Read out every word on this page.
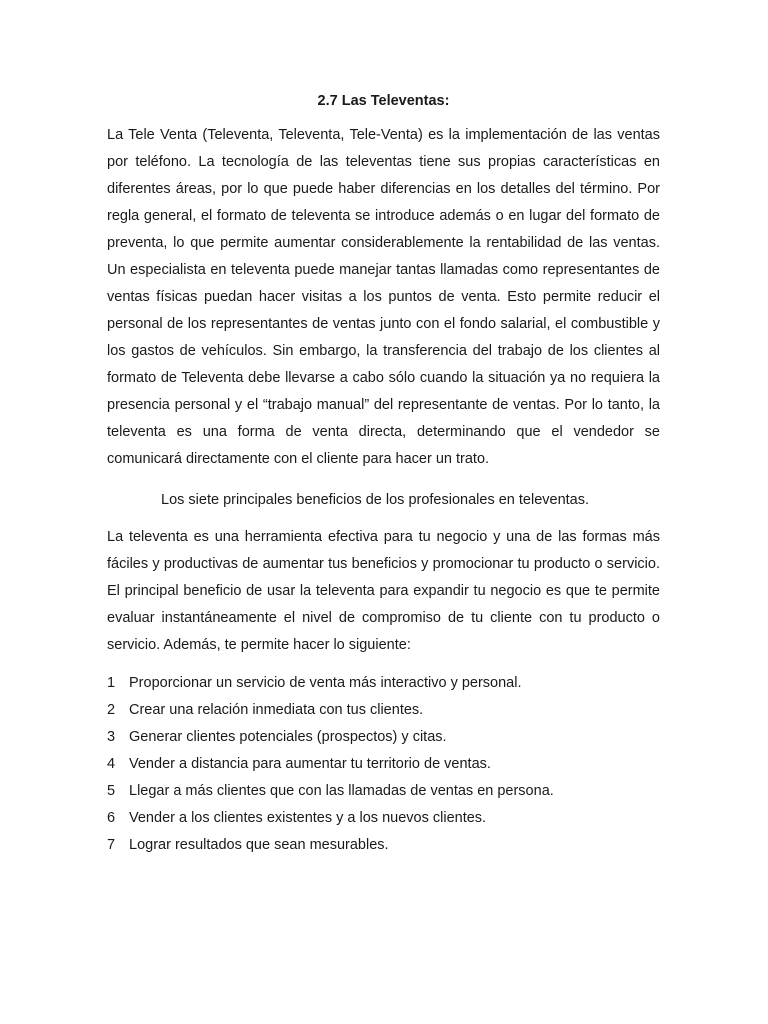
2.7 Las Televentas:

La Tele Venta (Televenta, Televenta, Tele-Venta) es la implementación de las ventas por teléfono. La tecnología de las televentas tiene sus propias características en diferentes áreas, por lo que puede haber diferencias en los detalles del término. Por regla general, el formato de televenta se introduce además o en lugar del formato de preventa, lo que permite aumentar considerablemente la rentabilidad de las ventas. Un especialista en televenta puede manejar tantas llamadas como representantes de ventas físicas puedan hacer visitas a los puntos de venta. Esto permite reducir el personal de los representantes de ventas junto con el fondo salarial, el combustible y los gastos de vehículos. Sin embargo, la transferencia del trabajo de los clientes al formato de Televenta debe llevarse a cabo sólo cuando la situación ya no requiera la presencia personal y el “trabajo manual” del representante de ventas. Por lo tanto, la televenta es una forma de venta directa, determinando que el vendedor se comunicará directamente con el cliente para hacer un trato.

Los siete principales beneficios de los profesionales en televentas.

La televenta es una herramienta efectiva para tu negocio y una de las formas más fáciles y productivas de aumentar tus beneficios y promocionar tu producto o servicio. El principal beneficio de usar la televenta para expandir tu negocio es que te permite evaluar instantáneamente el nivel de compromiso de tu cliente con tu producto o servicio. Además, te permite hacer lo siguiente:

1 Proporcionar un servicio de venta más interactivo y personal.
2 Crear una relación inmediata con tus clientes.
3 Generar clientes potenciales (prospectos) y citas.
4 Vender a distancia para aumentar tu territorio de ventas.
5 Llegar a más clientes que con las llamadas de ventas en persona.
6 Vender a los clientes existentes y a los nuevos clientes.
7 Lograr resultados que sean mesurables.
